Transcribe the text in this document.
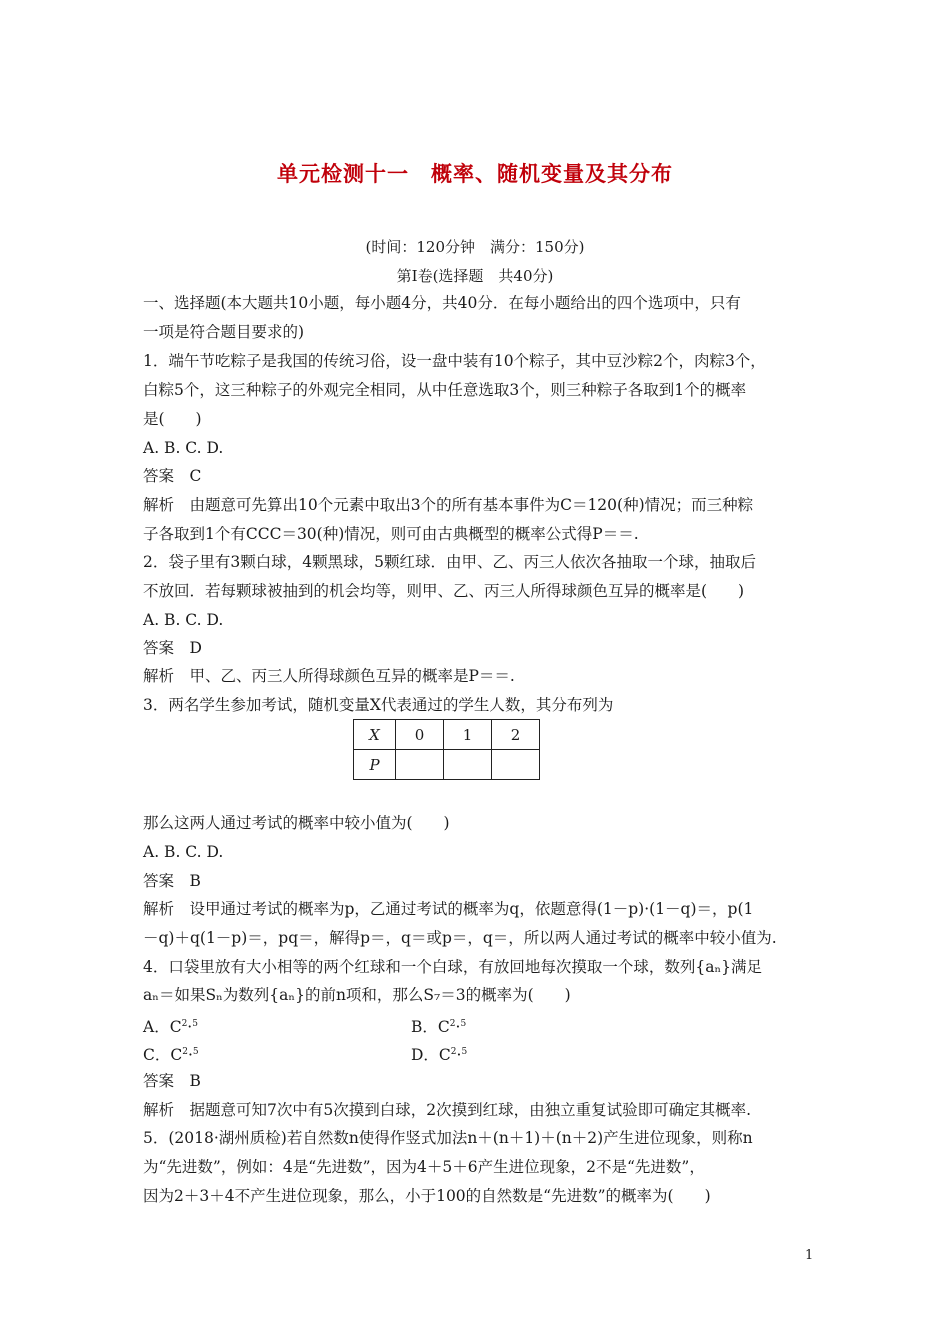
单元检测十一　概率、随机变量及其分布
(时间：120分钟　满分：150分)
第Ⅰ卷(选择题　共40分)
一、选择题(本大题共10小题，每小题4分，共40分．在每小题给出的四个选项中，只有
一项是符合题目要求的)
1．端午节吃粽子是我国的传统习俗，设一盘中装有10个粽子，其中豆沙粽2个，肉粽3个，
白粽5个，这三种粽子的外观完全相同，从中任意选取3个，则三种粽子各取到1个的概率
是(　　)
A. B. C. D.
答案　C
解析　由题意可先算出10个元素中取出3个的所有基本事件为C＝120(种)情况；而三种粽
子各取到1个有CCC＝30(种)情况，则可由古典概型的概率公式得P＝＝.
2．袋子里有3颗白球，4颗黑球，5颗红球．由甲、乙、丙三人依次各抽取一个球，抽取后
不放回．若每颗球被抽到的机会均等，则甲、乙、丙三人所得球颜色互异的概率是(　　)
A. B. C. D.
答案　D
解析　甲、乙、丙三人所得球颜色互异的概率是P＝＝.
3．两名学生参加考试，随机变量X代表通过的学生人数，其分布列为
X	0	1	2
P			
那么这两人通过考试的概率中较小值为(　　)
A. B. C. D.
答案　B
解析　设甲通过考试的概率为p，乙通过考试的概率为q，依题意得(1－p)·(1－q)＝，p(1
－q)＋q(1－p)＝，pq＝，解得p＝，q＝或p＝，q＝，所以两人通过考试的概率中较小值为.
4．口袋里放有大小相等的两个红球和一个白球，有放回地每次摸取一个球，数列{aₙ}满足
aₙ＝如果Sₙ为数列{aₙ}的前n项和，那么S₇＝3的概率为(　　)
A．$C^2\cdot^5$	B．$C^2\cdot^5$
C．$C^2\cdot^5$	D．$C^2\cdot^5$
答案　B
解析　据题意可知7次中有5次摸到白球，2次摸到红球，由独立重复试验即可确定其概率.
5．(2018·湖州质检)若自然数n使得作竖式加法n＋(n＋1)＋(n＋2)产生进位现象，则称n
为“先进数”，例如：4是“先进数”，因为4＋5＋6产生进位现象，2不是“先进数”，
因为2＋3＋4不产生进位现象，那么，小于100的自然数是“先进数”的概率为(　　)
1
